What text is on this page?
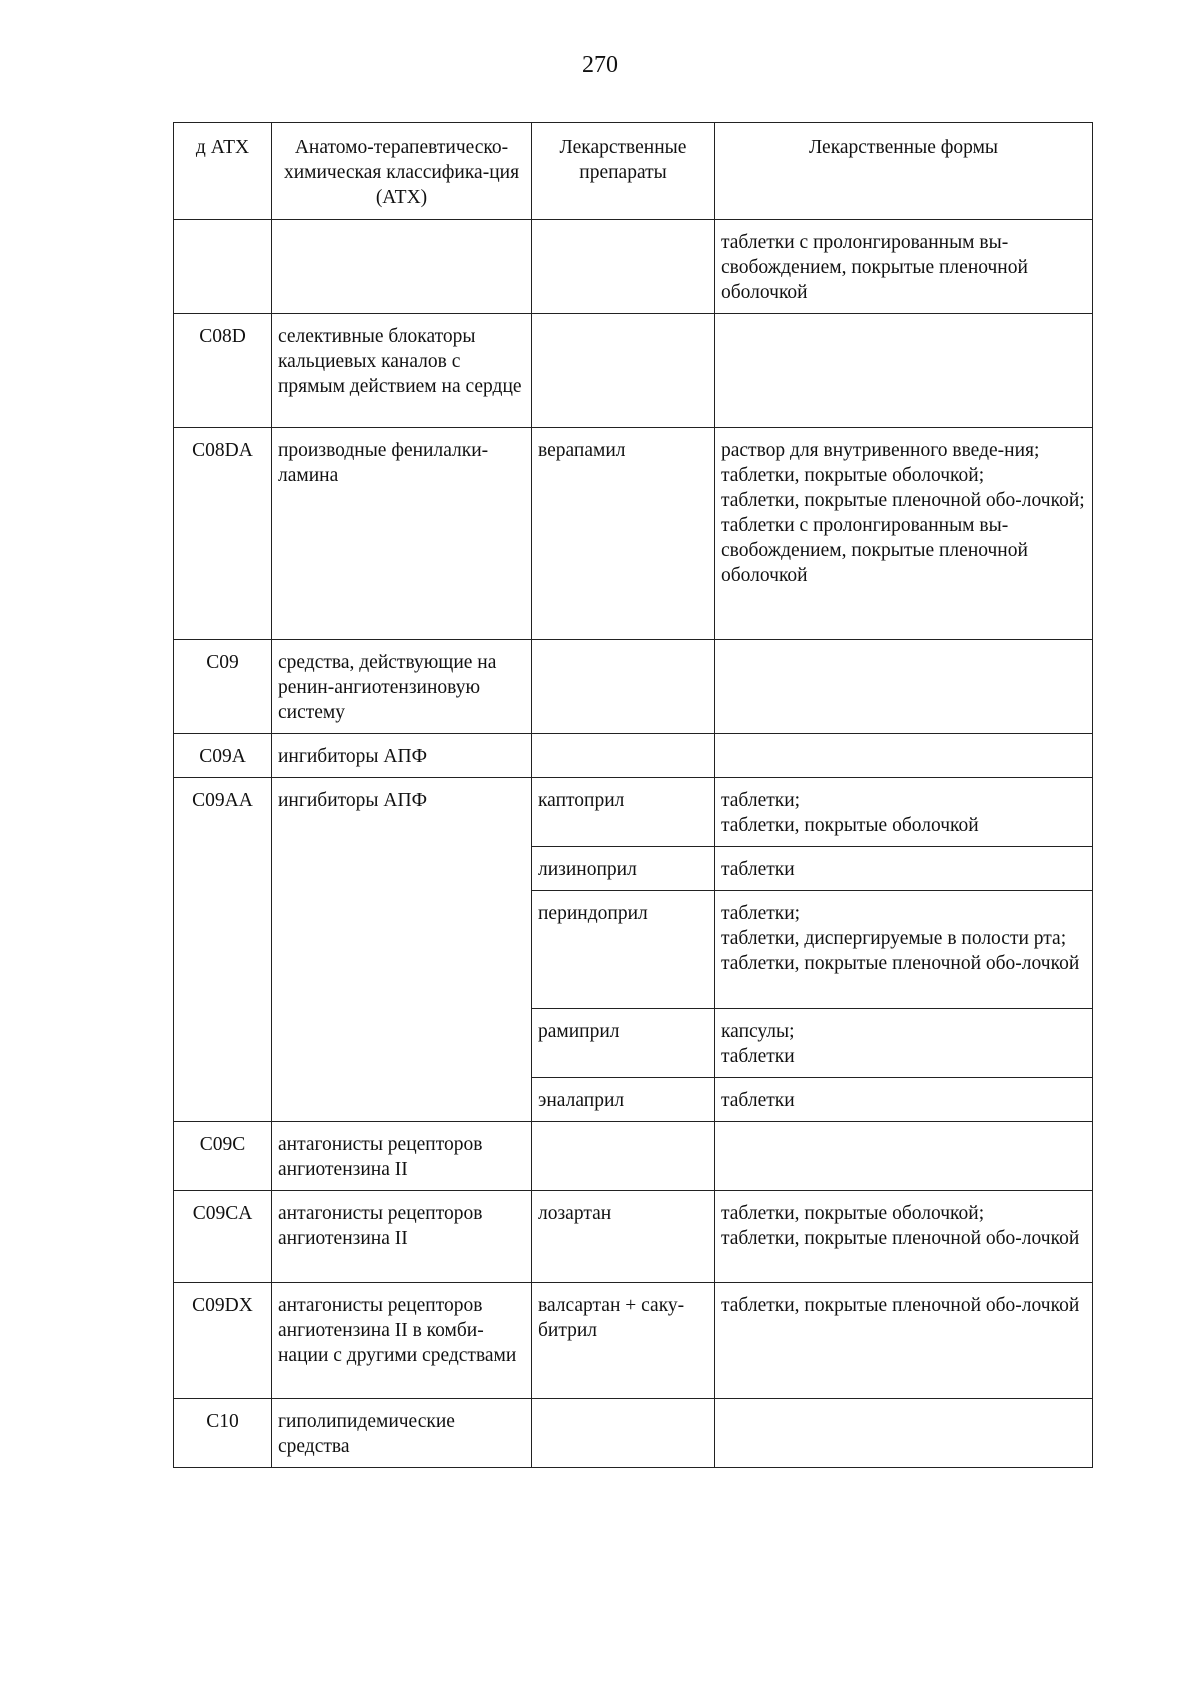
270
д АТХ	Анатомо-терапевтическо-химическая классифика-ция (АТХ)	Лекарственные препараты	Лекарственные формы

			таблетки с пролонгированным вы-свобождением, покрытые пленочной оболочкой

C08D	селективные блокаторы кальциевых каналов с прямым действием на сердце		
C08DA	производные фенилалки-ламина	верапамил	раствор для внутривенного введе-ния;
таблетки, покрытые оболочкой;
таблетки, покрытые пленочной обо-лочкой;
таблетки с пролонгированным вы-свобождением, покрытые пленочной оболочкой

C09	средства, действующие на ренин-ангиотензиновую систему		
C09A	ингибиторы АПФ		
C09AA	ингибиторы АПФ	каптоприл	таблетки;
таблетки, покрытые оболочкой

		лизиноприл	таблетки

		периндоприл	таблетки;
таблетки, диспергируемые в полости рта;
таблетки, покрытые пленочной обо-лочкой

		рамиприл	капсулы;
таблетки

		эналаприл	таблетки

C09C	антагонисты рецепторов ангиотензина II		
C09CA	антагонисты рецепторов ангиотензина II	лозартан	таблетки, покрытые оболочкой;
таблетки, покрытые пленочной обо-лочкой

C09DX	антагонисты рецепторов ангиотензина II в комби-нации с другими средствами	валсартан + саку-битрил	таблетки, покрытые пленочной обо-лочкой

C10	гиполипидемические средства		
